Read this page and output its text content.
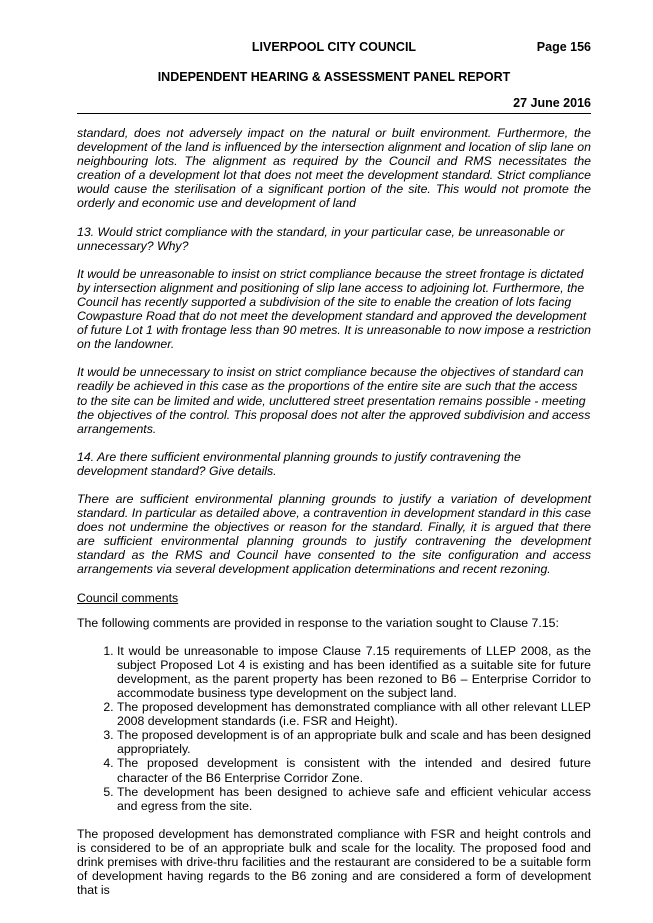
LIVERPOOL CITY COUNCIL	Page 156
INDEPENDENT HEARING & ASSESSMENT PANEL REPORT
27 June 2016

standard, does not adversely impact on the natural or built environment. Furthermore, the development of the land is influenced by the intersection alignment and location of slip lane on neighbouring lots. The alignment as required by the Council and RMS necessitates the creation of a development lot that does not meet the development standard. Strict compliance would cause the sterilisation of a significant portion of the site. This would not promote the orderly and economic use and development of land

13. Would strict compliance with the standard, in your particular case, be unreasonable or unnecessary? Why?

It would be unreasonable to insist on strict compliance because the street frontage is dictated by intersection alignment and positioning of slip lane access to adjoining lot. Furthermore, the Council has recently supported a subdivision of the site to enable the creation of lots facing Cowpasture Road that do not meet the development standard and approved the development of future Lot 1 with frontage less than 90 metres. It is unreasonable to now impose a restriction on the landowner.

It would be unnecessary to insist on strict compliance because the objectives of standard can readily be achieved in this case as the proportions of the entire site are such that the access to the site can be limited and wide, uncluttered street presentation remains possible - meeting the objectives of the control. This proposal does not alter the approved subdivision and access arrangements.

14. Are there sufficient environmental planning grounds to justify contravening the development standard? Give details.

There are sufficient environmental planning grounds to justify a variation of development standard. In particular as detailed above, a contravention in development standard in this case does not undermine the objectives or reason for the standard. Finally, it is argued that there are sufficient environmental planning grounds to justify contravening the development standard as the RMS and Council have consented to the site configuration and access arrangements via several development application determinations and recent rezoning.

Council comments

The following comments are provided in response to the variation sought to Clause 7.15:

1. It would be unreasonable to impose Clause 7.15 requirements of LLEP 2008, as the subject Proposed Lot 4 is existing and has been identified as a suitable site for future development, as the parent property has been rezoned to B6 – Enterprise Corridor to accommodate business type development on the subject land.
2. The proposed development has demonstrated compliance with all other relevant LLEP 2008 development standards (i.e. FSR and Height).
3. The proposed development is of an appropriate bulk and scale and has been designed appropriately.
4. The proposed development is consistent with the intended and desired future character of the B6 Enterprise Corridor Zone.
5. The development has been designed to achieve safe and efficient vehicular access and egress from the site.

The proposed development has demonstrated compliance with FSR and height controls and is considered to be of an appropriate bulk and scale for the locality. The proposed food and drink premises with drive-thru facilities and the restaurant are considered to be a suitable form of development having regards to the B6 zoning and are considered a form of development that is
